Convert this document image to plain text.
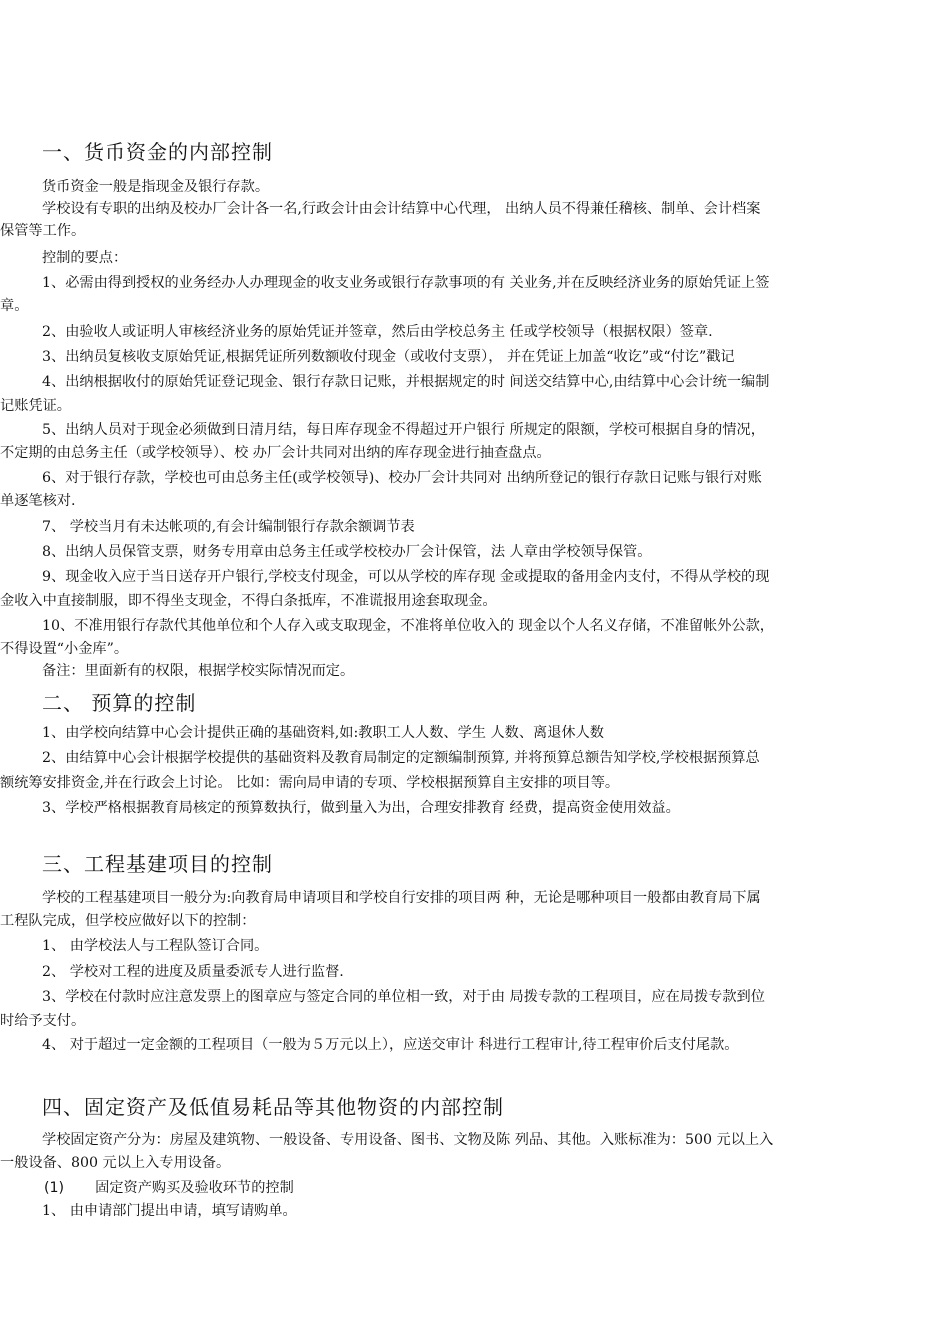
一、货币资金的内部控制
货币资金一般是指现金及银行存款。
学校设有专职的出纳及校办厂会计各一名,行政会计由会计结算中心代理， 出纳人员不得兼任稽核、制单、会计档案
保管等工作。
控制的要点：
1、必需由得到授权的业务经办人办理现金的收支业务或银行存款事项的有 关业务,并在反映经济业务的原始凭证上签
章。
2、由验收人或证明人审核经济业务的原始凭证并签章，然后由学校总务主 任或学校领导（根据权限）签章.
3、出纳员复核收支原始凭证,根据凭证所列数额收付现金（或收付支票）， 并在凭证上加盖“收讫”或“付讫”戳记
4、出纳根据收付的原始凭证登记现金、银行存款日记账，并根据规定的时 间送交结算中心,由结算中心会计统一编制
记账凭证。
5、出纳人员对于现金必须做到日清月结，每日库存现金不得超过开户银行 所规定的限额，学校可根据自身的情况，
不定期的由总务主任（或学校领导）、校 办厂会计共同对出纳的库存现金进行抽查盘点。
6、对于银行存款，学校也可由总务主任(或学校领导)、校办厂会计共同对 出纳所登记的银行存款日记账与银行对账
单逐笔核对.
7、 学校当月有未达帐项的,有会计编制银行存款余额调节表
8、出纳人员保管支票，财务专用章由总务主任或学校校办厂会计保管，法 人章由学校领导保管。
9、现金收入应于当日送存开户银行,学校支付现金，可以从学校的库存现 金或提取的备用金内支付，不得从学校的现
金收入中直接制服，即不得坐支现金，不得白条抵库，不准谎报用途套取现金。
10、不准用银行存款代其他单位和个人存入或支取现金，不准将单位收入的 现金以个人名义存储，不准留帐外公款，
不得设置“小金库”。
备注：里面新有的权限，根据学校实际情况而定。
二、 预算的控制
1、由学校向结算中心会计提供正确的基础资料,如:教职工人人数、学生 人数、离退休人数
2、由结算中心会计根据学校提供的基础资料及教育局制定的定额编制预算, 并将预算总额告知学校,学校根据预算总
额统筹安排资金,并在行政会上讨论。 比如：需向局申请的专项、学校根据预算自主安排的项目等。
3、学校严格根据教育局核定的预算数执行，做到量入为出，合理安排教育 经费，提高资金使用效益。
三、工程基建项目的控制
学校的工程基建项目一般分为:向教育局申请项目和学校自行安排的项目两 种，无论是哪种项目一般都由教育局下属
工程队完成，但学校应做好以下的控制：
1、 由学校法人与工程队签订合同。
2、 学校对工程的进度及质量委派专人进行监督.
3、学校在付款时应注意发票上的图章应与签定合同的单位相一致，对于由 局拨专款的工程项目，应在局拨专款到位
时给予支付。
4、 对于超过一定金额的工程项目（一般为５万元以上），应送交审计 科进行工程审计,待工程审价后支付尾款。
四、固定资产及低值易耗品等其他物资的内部控制
学校固定资产分为：房屋及建筑物、一般设备、专用设备、图书、文物及陈 列品、其他。入账标准为：500 元以上入
一般设备、800 元以上入专用设备。
(1) 固定资产购买及验收环节的控制
1、 由申请部门提出申请，填写请购单。
